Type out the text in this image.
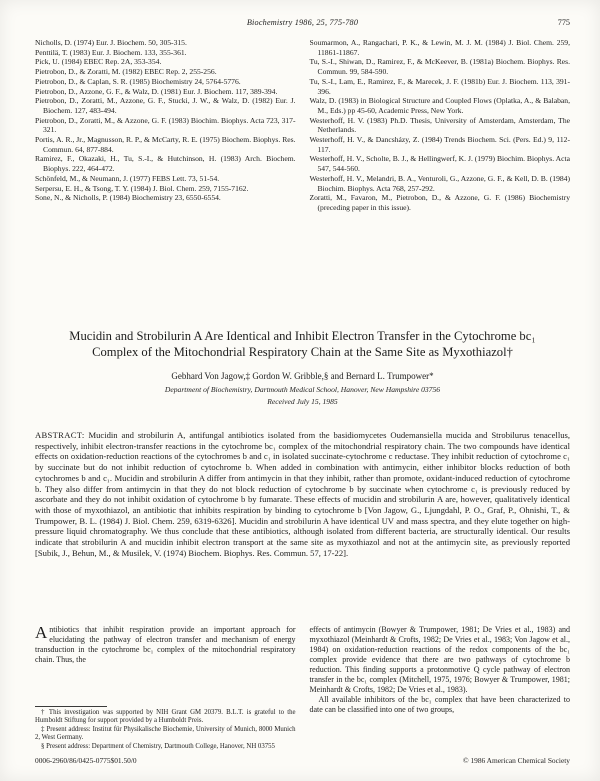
Biochemistry 1986, 25, 775-780	775
Nicholls, D. (1974) Eur. J. Biochem. 50, 305-315.
Penttilä, T. (1983) Eur. J. Biochem. 133, 355-361.
Pick, U. (1984) EBEC Rep. 2A, 353-354.
Pietrobon, D., & Zoratti, M. (1982) EBEC Rep. 2, 255-256.
Pietrobon, D., & Caplan, S. R. (1985) Biochemistry 24, 5764-5776.
Pietrobon, D., Azzone, G. F., & Walz, D. (1981) Eur. J. Biochem. 117, 389-394.
Pietrobon, D., Zoratti, M., Azzone, G. F., Stucki, J. W., & Walz, D. (1982) Eur. J. Biochem. 127, 483-494.
Pietrobon, D., Zoratti, M., & Azzone, G. F. (1983) Biochim. Biophys. Acta 723, 317-321.
Portis, A. R., Jr., Magnusson, R. P., & McCarty, R. E. (1975) Biochem. Biophys. Res. Commun. 64, 877-884.
Ramirez, F., Okazaki, H., Tu, S.-I., & Hutchinson, H. (1983) Arch. Biochem. Biophys. 222, 464-472.
Schönfeld, M., & Neumann, J. (1977) FEBS Lett. 73, 51-54.
Serpersu, E. H., & Tsong, T. Y. (1984) J. Biol. Chem. 259, 7155-7162.
Sone, N., & Nicholls, P. (1984) Biochemistry 23, 6550-6554.
Soumarmon, A., Rangachari, P. K., & Lewin, M. J. M. (1984) J. Biol. Chem. 259, 11861-11867.
Tu, S.-I., Shiwan, D., Ramirez, F., & McKeever, B. (1981a) Biochem. Biophys. Res. Commun. 99, 584-590.
Tu, S.-I., Lam, E., Ramirez, F., & Marecek, J. F. (1981b) Eur. J. Biochem. 113, 391-396.
Walz, D. (1983) in Biological Structure and Coupled Flows (Oplatka, A., & Balaban, M., Eds.) pp 45-60, Academic Press, New York.
Westerhoff, H. V. (1983) Ph.D. Thesis, University of Amsterdam, Amsterdam, The Netherlands.
Westerhoff, H. V., & Dancsházy, Z. (1984) Trends Biochem. Sci. (Pers. Ed.) 9, 112-117.
Westerhoff, H. V., Scholte, B. J., & Hellingwerf, K. J. (1979) Biochim. Biophys. Acta 547, 544-560.
Westerhoff, H. V., Melandri, B. A., Venturoli, G., Azzone, G. F., & Kell, D. B. (1984) Biochim. Biophys. Acta 768, 257-292.
Zoratti, M., Favaron, M., Pietrobon, D., & Azzone, G. F. (1986) Biochemistry (preceding paper in this issue).
Mucidin and Strobilurin A Are Identical and Inhibit Electron Transfer in the Cytochrome bc₁ Complex of the Mitochondrial Respiratory Chain at the Same Site as Myxothiazol†
Gebhard Von Jagow,‡ Gordon W. Gribble,§ and Bernard L. Trumpower*
Department of Biochemistry, Dartmouth Medical School, Hanover, New Hampshire 03756
Received July 15, 1985
ABSTRACT: Mucidin and strobilurin A, antifungal antibiotics isolated from the basidiomycetes Oudemansiella mucida and Strobilurus tenacellus, respectively, inhibit electron-transfer reactions in the cytochrome bc₁ complex of the mitochondrial respiratory chain. The two compounds have identical effects on oxidation-reduction reactions of the cytochromes b and c₁ in isolated succinate-cytochrome c reductase. They inhibit reduction of cytochrome c₁ by succinate but do not inhibit reduction of cytochrome b. When added in combination with antimycin, either inhibitor blocks reduction of both cytochromes b and c₁. Mucidin and strobilurin A differ from antimycin in that they inhibit, rather than promote, oxidant-induced reduction of cytochrome b. They also differ from antimycin in that they do not block reduction of cytochrome b by succinate when cytochrome c₁ is previously reduced by ascorbate and they do not inhibit oxidation of cytochrome b by fumarate. These effects of mucidin and strobilurin A are, however, qualitatively identical with those of myxothiazol, an antibiotic that inhibits respiration by binding to cytochrome b [Von Jagow, G., Ljungdahl, P. O., Graf, P., Ohnishi, T., & Trumpower, B. L. (1984) J. Biol. Chem. 259, 6319-6326]. Mucidin and strobilurin A have identical UV and mass spectra, and they elute together on high-pressure liquid chromatography. We thus conclude that these antibiotics, although isolated from different bacteria, are structurally identical. Our results indicate that strobilurin A and mucidin inhibit electron transport at the same site as myxothiazol and not at the antimycin site, as previously reported [Subik, J., Behun, M., & Musilek, V. (1974) Biochem. Biophys. Res. Commun. 57, 17-22].

Antibiotics that inhibit respiration provide an important approach for elucidating the pathway of electron transfer and mechanism of energy transduction in the cytochrome bc₁ complex of the mitochondrial respiratory chain. Thus, the

† This investigation was supported by NIH Grant GM 20379. B.L.T. is grateful to the Humboldt Stiftung for support provided by a Humboldt Preis.
‡ Present address: Institut für Physikalische Biochemie, University of Munich, 8000 Munich 2, West Germany.
§ Present address: Department of Chemistry, Dartmouth College, Hanover, NH 03755
effects of antimycin (Bowyer & Trumpower, 1981; De Vries et al., 1983) and myxothiazol (Meinhardt & Crofts, 1982; De Vries et al., 1983; Von Jagow et al., 1984) on oxidation-reduction reactions of the redox components of the bc₁ complex provide evidence that there are two pathways of cytochrome b reduction. This finding supports a protonmotive Q cycle pathway of electron transfer in the bc₁ complex (Mitchell, 1975, 1976; Bowyer & Trumpower, 1981; Meinhardt & Crofts, 1982; De Vries et al., 1983).
All available inhibitors of the bc₁ complex that have been characterized to date can be classified into one of two groups,
0006-2960/86/0425-0775$01.50/0	© 1986 American Chemical Society
